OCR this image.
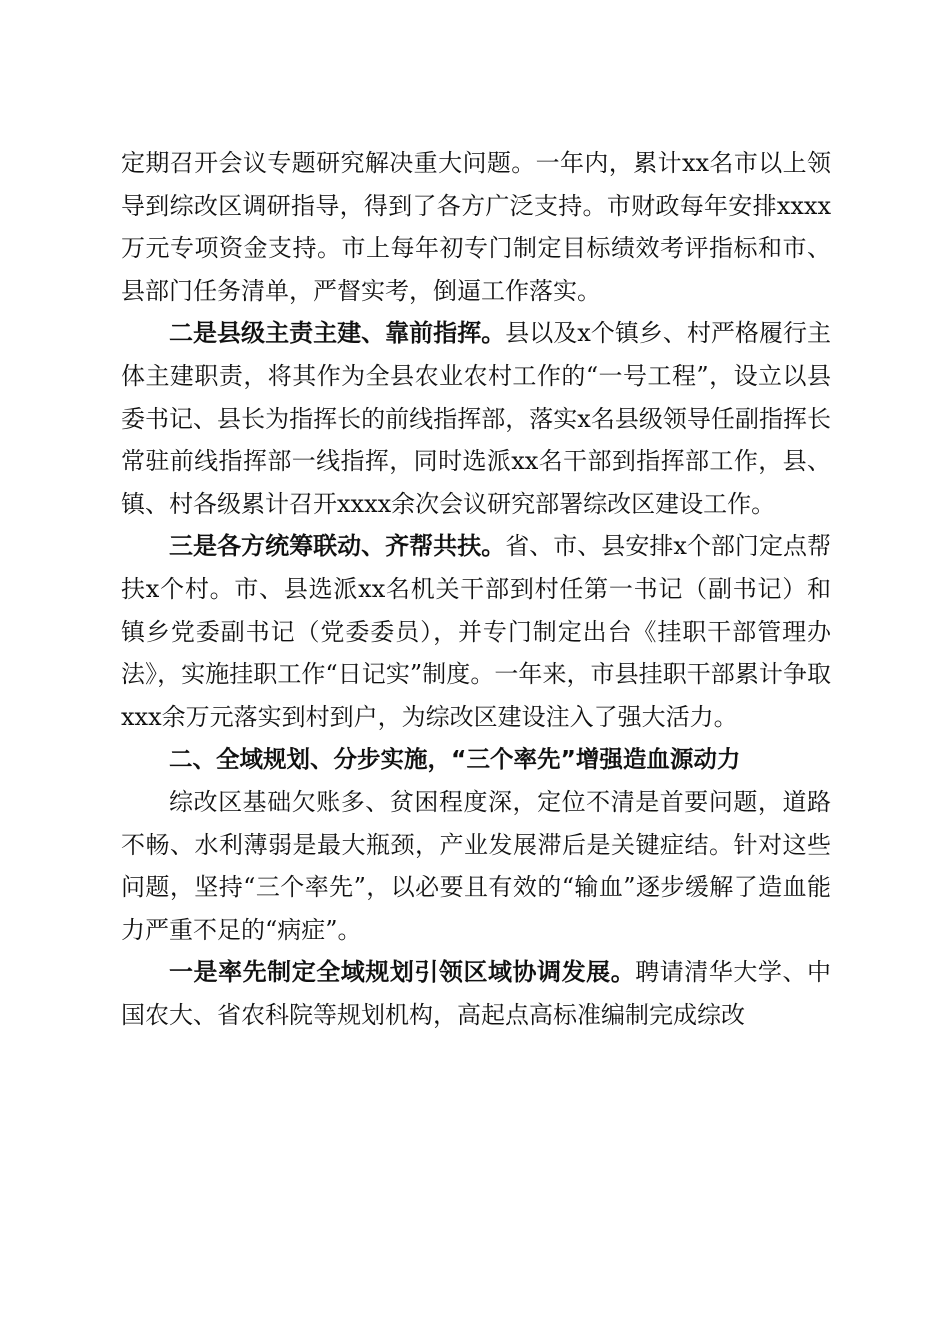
定期召开会议专题研究解决重大问题。一年内，累计xx名市以上领导到综改区调研指导，得到了各方广泛支持。市财政每年安排xxxx万元专项资金支持。市上每年初专门制定目标绩效考评指标和市、县部门任务清单，严督实考，倒逼工作落实。

二是县级主责主建、靠前指挥。县以及x个镇乡、村严格履行主体主建职责，将其作为全县农业农村工作的“一号工程”，设立以县委书记、县长为指挥长的前线指挥部，落实x名县级领导任副指挥长常驻前线指挥部一线指挥，同时选派xx名干部到指挥部工作，县、镇、村各级累计召开xxxx余次会议研究部署综改区建设工作。

三是各方统筹联动、齐帮共扶。省、市、县安排x个部门定点帮扶x个村。市、县选派xx名机关干部到村任第一书记（副书记）和镇乡党委副书记（党委委员），并专门制定出台《挂职干部管理办法》，实施挂职工作“日记实”制度。一年来，市县挂职干部累计争取xxx余万元落实到村到户，为综改区建设注入了强大活力。

二、全域规划、分步实施，“三个率先”增强造血源动力

综改区基础欠账多、贫困程度深，定位不清是首要问题，道路不畅、水利薄弱是最大瓶颈，产业发展滞后是关键症结。针对这些问题，坚持“三个率先”，以必要且有效的“输血”逐步缓解了造血能力严重不足的“病症”。

一是率先制定全域规划引领区域协调发展。聘请清华大学、中国农大、省农科院等规划机构，高起点高标准编制完成综改
